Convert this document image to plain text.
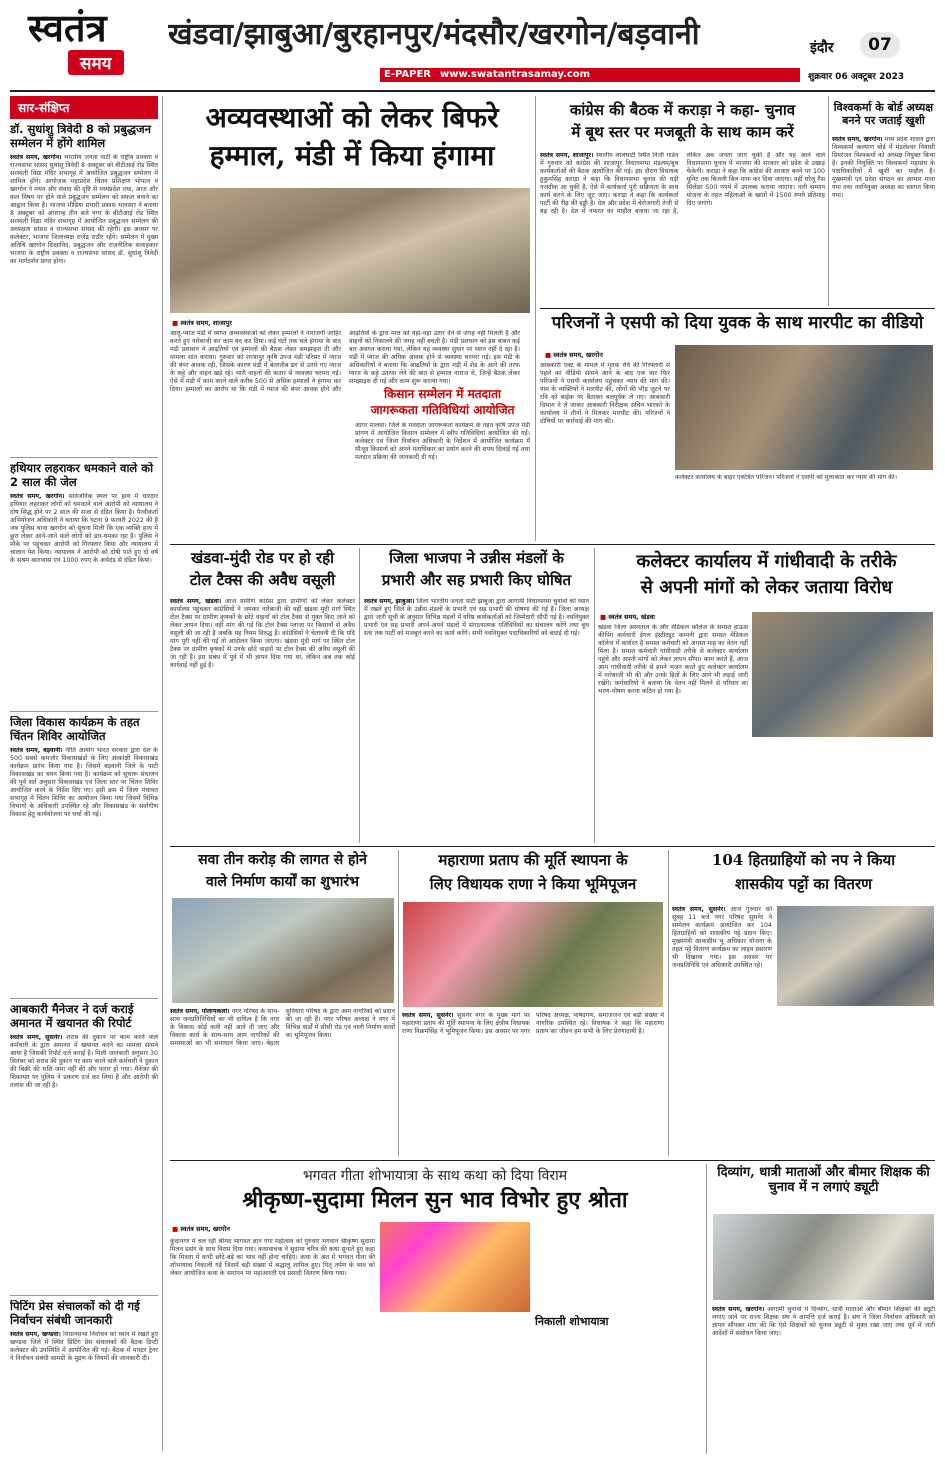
स्वतंत्र
समय
खंडवा/झाबुआ/बुरहानपुर/मंदसौर/खरगोन/बड़वानी	इंदौर	07
E-PAPER www.swatantrasamay.com	शुक्रवार 06 अक्टूबर 2023
सार-संक्षिप्त
डॉ. सुधांशु त्रिवेदी 8 को प्रबुद्धजन सम्मेलन में होंगे शामिल
स्वतंत्र समय, खरगोन। भारतीय जनता पार्टी के राष्ट्रीय प्रवक्ता व राज्यसभा सांसद सुधांशु त्रिवेदी 8 अक्टूबर को बीटीआई रोड स्थित सरस्वती विद्या मंदिर सभागृह में आयोजित प्रबुद्धजन सम्मेलन में शामिल होंगे। आयोजक महाप्रदेश चिंतन प्रशिक्षण भोपाल व खरगोन ने मंथन और संवाद की दृष्टि से मध्यप्रदेश तथा, आज और कल विषय पर होने वाले प्रबुद्धजन सम्मेलन को सफल बनाने का आह्वान किया है। भाजपा मीडिया प्रभारी प्रकाश भावसार ने बताया 8 अक्टूबर को अपरान्ह तीन बजे नगर के बीटीआई रोड स्थित सरस्वती विद्या मंदिर सभागृह में आयोजित प्रबुद्धजन सम्मेलन की अध्यक्षता सांसद व राज्यसभा सांसद की रहेगी। इस अवसर पर कलेक्टर, भाजपा जिलाध्यक्ष राजेंद्र राठौर रहेंगे। सम्मेलन में मुख्य अतिथि खरगोन शिक्षाविद, प्रबुद्धजन और राजनीतिक सलाहकार भाजपा के राष्ट्रीय प्रवक्ता व राज्यसभा सांसद डॉ. सुधांशु त्रिवेदी का मार्गदर्शन प्राप्त होगा।
हथियार लहराकर धमकाने वाले को 2 साल की जेल
स्वतंत्र समय, खरगोन। सार्वजनिक स्थल पर हाथ में धारदार हथियार लहराकर लोगों को धमकाने वाले आरोपी को न्यायालय ने दोष सिद्ध होने पर 2 साल की सजा से दंडित किया है। पैरवीकर्ता अभियोजन अधिकारी ने बताया कि घटना 9 फरवरी 2022 की है जब पुलिस थाना खरगोन को सूचना मिली कि एक व्यक्ति हाथ में छुरा लेकर आने-जाने वाले लोगों को डरा-धमका रहा है। पुलिस ने मौके पर पहुंचकर आरोपी को गिरफ्तार किया और न्यायालय में चालान पेश किया। न्यायालय ने आरोपी को दोषी पाते हुए दो वर्ष के सश्रम कारावास एवं 1000 रुपए के अर्थदंड से दंडित किया।
जिला विकास कार्यक्रम के तहत चिंतन शिविर आयोजित
स्वतंत्र समय, बड़वानी। नीति आयोग भारत सरकार द्वारा देश के 500 सबसे कमजोर विकासखंडों के लिए आकांक्षी विकासखंड कार्यक्रम प्रारंभ किया गया है। जिसमें बड़वानी जिले के पाटी विकासखंड का चयन किया गया है। कार्यक्रम को सुचारू संचालन की पूर्व शर्त अनुसार विकासखंड एवं जिला स्तर पर चिंतन शिविर आयोजित करने के निर्देश दिए गए। इसी क्रम में जिला पंचायत सभागृह में चिंतन शिविर का आयोजन किया गया जिसमें विभिन्न विभागों के अधिकारी उपस्थित रहे और विकासखंड के सर्वांगीण विकास हेतु कार्ययोजना पर चर्चा की गई।
आबकारी मैनेजर ने दर्ज कराई अमानत में खयानत की रिपोर्ट
स्वतंत्र समय, सुसनेर। शराब की दुकान पर काम करने वाले कर्मचारी के द्वारा अमानत में खयानत करने का मामला सामने आया है जिसकी रिपोर्ट दर्ज कराई है। मिली जानकारी अनुसार 30 सितंबर को शराब की दुकान पर काम करने वाले कर्मचारी ने दुकान की बिक्री की राशि जमा नहीं की और फरार हो गया। मैनेजर की शिकायत पर पुलिस ने प्रकरण दर्ज कर लिया है और आरोपी की तलाश की जा रही है।
पिटिंग प्रेस संचालकों को दी गई निर्वाचन संबंधी जानकारी
स्वतंत्र समय, खण्डवा। विधानसभा निर्वाचन को ध्यान में रखते हुए खण्डवा जिले में स्थित प्रिंटिंग प्रेस संचालकों की बैठक डिप्टी कलेक्टर की उपस्थिति में आयोजित की गई। बैठक में मास्टर ट्रेनर ने निर्वाचन संबंधी सामग्री के मुद्रण के नियमों की जानकारी दी।
अव्यवस्थाओं को लेकर बिफरे
हम्माल, मंडी में किया हंगामा
■ स्वतंत्र समय, शाजापुर
आलू-प्याज मंडी में व्याप्त अव्यवस्थाओं को लेकर हम्मालों ने नाराजगी जाहिर करते हुए नारेबाजी कर काम बंद कर दिया। कई घंटों तक चले हंगामा के बाद मंडी प्रशासन ने आढ़तियों एवं हम्मालों की बैठक लेकर समझाइश दी और मामला शांत कराया। गुरुवार को शाजापुर कृषि उपज मंडी परिसर में प्याज की बंपर आवक रही, जिसके कारण मंडी में बेतरतीब ढंग से उतारे गए प्याज के कट्टे और वाहन खड़े रहे। भारी वाहनों की कतार से व्यवस्था चरमरा गई। ऐसे में मंडी में काम करने वाले करीब 500 से अधिक हम्मालों ने हंगामा कर दिया। हम्मालों का आरोप था कि मंडी में प्याज की बंपर आवक होने और आढ़तियों के द्वारा माल को यहां-वहां उतार देने से जगह नहीं मिलती है और वाहनों को निकालने की जगह नहीं बचती है। मंडी प्रशासन को इस बाबत कई बार अवगत कराया गया, लेकिन यह व्यवस्था सुधार पर ध्यान नहीं दे रहा है। मंडी में प्याज की अधिक आवक होने से व्यवस्था चरमरा गई। इस मंडी के अधिकारियों ने बताया कि आढ़तियों के द्वारा मंडी में शेड के आगे की तरफ प्याज के कट्टे उतरवा लेने की बात से हम्माल नाराज थे, जिन्हें बैठक लेकर समझाइश दी गई और काम शुरू कराया गया।
किसान सम्मेलन में मतदाता
जागरूकता गतिविधियां आयोजित
आगर मालवा। जिले के मतदाता जागरूकता कार्यक्रम के तहत कृषि उपज मंडी प्रांगण में आयोजित किसान सम्मेलन में स्वीप गतिविधियां आयोजित की गईं। कलेक्टर एवं जिला निर्वाचन अधिकारी के निर्देशन में आयोजित कार्यक्रम में मौजूद किसानों को अपने मताधिकार का प्रयोग करने की शपथ दिलाई गई तथा मतदान प्रक्रिया की जानकारी दी गई।
कांग्रेस की बैठक में कराड़ा ने कहा- चुनाव
में बूथ स्तर पर मजबूती के साथ काम करें
स्वतंत्र समय, शाजापुर। स्थानीय लालघाटी स्थित निजी गार्डन में गुरुवार को कांग्रेस की शाजापुर विधानसभा मंडलम/बूथ कार्यकर्ताओं की बैठक आयोजित की गई। इस दौरान विधायक हुकुमसिंह कराड़ा ने कहा कि विधानसभा चुनाव की घड़ी नजदीक आ चुकी है, ऐसे में कार्यकर्ता पूरी सक्रियता के साथ कार्य करने के लिए जुट जाएं। कराड़ा ने कहा कि कार्यकर्ता पार्टी की रीढ़ की हड्डी है। देश और प्रदेश में बेरोजगारी तेजी से बढ़ रही है। देश में नफरत का माहौल बनाया जा रहा है, लेकिन अब जनता जाग चुकी है और यह आने वाले विधानसभा चुनाव में भाजपा की सरकार को प्रदेश से उखाड़ फेंकेगी। कराड़ा ने कहा कि कांग्रेस की सरकार बनने पर 100 यूनिट तक बिजली बिल माफ कर दिया जाएगा। वहीं घरेलू गैस सिलेंडर 500 रुपये में उपलब्ध कराया जाएगा। नारी सम्मान योजना के तहत महिलाओं के खातों में 1500 रुपये प्रतिमाह दिए जाएंगे।
विश्वकर्मा के बोर्ड अध्यक्ष बनने पर जताई खुशी
स्वतंत्र समय, खरगोन। मध्य प्रदेश शासन द्वारा विश्वकर्मा कल्याण बोर्ड में मंडलेश्वर निवासी प्रियरंजन विश्वकर्मा को अध्यक्ष नियुक्त किया है। इनकी नियुक्ति पर विश्वकर्मा महासंघ के पदाधिकारियों में खुशी का माहौल है। मुख्यमंत्री एवं प्रदेश संगठन का आभार माना गया तथा नवनियुक्त अध्यक्ष का स्वागत किया गया।
परिजनों ने एसपी को दिया युवक के साथ मारपीट का वीडियो
■ स्वतंत्र समय, खरगोन
आबकारी एक्ट के मामले में मृतक रवि की गिरफ्तारी से पहले का वीडियो सामने आने के बाद एक बार फिर परिजनों ने एसपी कार्यालय पहुंचकर न्याय की मांग की। नाम के व्यक्तियों ने मारपीट की, लोगों की भीड़ जुटने पर रवि को बाईक पर बैठाकर बलपूर्वक ले गए। आबकारी विभाग ने ले जाकर आबकारी निरीक्षक सचिन भारकरे के कार्यालय में तीनों ने मिलकर मारपीट की। परिजनों ने दोषियों पर कार्रवाई की मांग की।
कलेक्टर कार्यालय के बाहर एकत्रित परिजन। परिजनों ने एसपी को मुलाकात कर न्याय की मांग की।
खंडवा-मुंदी रोड पर हो रही
टोल टैक्स की अवैध वसूली
स्वतंत्र समय, खंडवा। आज ग्रामीण कांग्रेस द्वारा ग्रामीणों को लेकर कलेक्टर कार्यालय पहुंचकर कांग्रेसियों ने जमकर नारेबाजी की वहीं खंडवा मुंदी मार्ग स्थित टोल टैक्स पर ग्रामीण कृषकों के छोटे वाहनों को टोल टैक्स से मुक्त किए जाने को लेकर ज्ञापन दिया। वहीं मांग की गई कि टोल टैक्स प्लाजा पर किसानों से अवैध वसूली की जा रही है जबकि यह नियम विरुद्ध है। कांग्रेसियों ने चेतावनी दी कि यदि मांग पूरी नहीं की गई तो आंदोलन किया जाएगा। खंडवा मुंदी मार्ग पर स्थित टोल टैक्स पर ग्रामीण कृषकों से उनके छोटे वाहनों पर टोल टैक्स की अवैध वसूली की जा रही है। इस संबंध में पूर्व में भी ज्ञापन दिया गया था, लेकिन अब तक कोई कार्रवाई नहीं हुई है।
जिला भाजपा ने उन्नीस मंडलों के
प्रभारी और सह प्रभारी किए घोषित
स्वतंत्र समय, झाबुआ। जिला भारतीय जनता पार्टी झाबुआ द्वारा आगामी विधानसभा चुनावों को ध्यान में रखते हुए जिले के उन्नीस मंडलों के प्रभारी एवं सह प्रभारी की घोषणा की गई है। जिला अध्यक्ष द्वारा जारी सूची के अनुसार विभिन्न मंडलों में वरिष्ठ कार्यकर्ताओं को जिम्मेदारी सौंपी गई है। नवनियुक्त प्रभारी एवं सह प्रभारी अपने-अपने मंडलों में संगठनात्मक गतिविधियों का संचालन करेंगे तथा बूथ स्तर तक पार्टी को मजबूत करने का कार्य करेंगे। सभी नवनियुक्त पदाधिकारियों को बधाई दी गई।
कलेक्टर कार्यालय में गांधीवादी के तरीके
से अपनी मांगों को लेकर जताया विरोध
■ स्वतंत्र समय, खंडवा
खंडवा जिला अस्पताल के और मेडिकल कॉलेज के समस्त हाऊस कीपिंग कर्मचारी ईगल इंस्टीट्यूट कम्पनी द्वारा समस्त मेडिकल कॉलेज में कार्यरत है समस्त कर्मचारी को अगस्त माह का वेतन नहीं मिला है। समस्त कर्मचारी गांधीवादी तरीके से कलेक्टर कार्यालय पहुंचे और अपनी मांगों को लेकर ज्ञापन सौंपा। काम करते हैं, आज आम गांधीवादी तरीके से हमने भजन करते हुए कलेक्टर कार्यालय में नारेबाजी भी की और उनके हितों के लिए आगे भी लड़ाई जारी रखेंगे। कर्मचारियों ने बताया कि वेतन नहीं मिलने से परिवार का भरण-पोषण करना कठिन हो गया है।
सवा तीन करोड़ की लागत से होने
वाले निर्माण कार्यों का शुभारंभ
स्वतंत्र समय, पोलायकलां। नगर परिषद के साथ-साथ जनप्रतिनिधियों का भी दायित्व है कि नगर के विकास कोई कमी नहीं आने दी जाए और विकास कार्य के साथ-साथ आम नागरिकों की समस्याओं का भी समाधान किया जाए। बेहतर सुविधाएं परिषद के द्वारा आम नागरिकों को प्रदान की जा रही हैं। नगर परिषद अध्यक्ष ने नगर में विभिन्न वार्डों में सीसी रोड एवं नाली निर्माण कार्यों का भूमिपूजन किया।
महाराणा प्रताप की मूर्ति स्थापना के
लिए विधायक राणा ने किया भूमिपूजन
स्वतंत्र समय, सुसनेर। सुसनेर नगर के मुख्य मार्ग पर महाराणा प्रताप की मूर्ति स्थापना के लिए क्षेत्रीय विधायक राणा विक्रमसिंह ने भूमिपूजन किया। इस अवसर पर नगर परिषद अध्यक्ष, पार्षदगण, समाजजन एवं बड़ी संख्या में नागरिक उपस्थित रहे। विधायक ने कहा कि महाराणा प्रताप का जीवन हम सभी के लिए प्रेरणादायी है।
104 हितग्राहियों को नप ने किया
शासकीय पट्टों का वितरण
स्वतंत्र समय, सुसनेर। आज गुरुवार को सुबह 11 बजे नगर परिषद सुसनेर ने सम्मेलन कार्यक्रम आयोजित कर 104 हितग्राहियों को शासकीय पट्टे प्रदान किए। मुख्यमंत्री आवासीय भू अधिकार योजना के तहत पट्टे वितरण कार्यक्रम का लाइव प्रसारण भी दिखाया गया। इस अवसर पर जनप्रतिनिधि एवं अधिकारी उपस्थित रहे।
भगवत गीता शोभायात्रा के साथ कथा को दिया विराम
श्रीकृष्ण-सुदामा मिलन सुन भाव विभोर हुए श्रोता
■ स्वतंत्र समय, खरगोन
कुंदानगर में चल रही श्रीमद भागवत ज्ञान गंगा महोत्सव को गुरुवार भगवान श्रीकृष्ण सुदामा मिलन प्रसंग के साथ विराम दिया गया। कथावाचक ने सुदामा चरित्र की कथा सुनाते हुए कहा कि मित्रता में कभी छोटे-बड़े का भाव नहीं होना चाहिए। कथा के अंत में भगवत गीता की शोभायात्रा निकाली गई जिसमें बड़ी संख्या में श्रद्धालु शामिल हुए। पितृ तर्पण के भाव को लेकर आयोजित कथा के समापन पर महाआरती एवं प्रसादी वितरण किया गया।
निकाली शोभायात्रा
दिव्यांग, धात्री माताओं और बीमार शिक्षक की चुनाव में न लगाएं ड्यूटी
स्वतंत्र समय, खरगोन। आगामी चुनावों में दिव्यांग, धात्री माताओं और बीमार शिक्षकों की ड्यूटी लगाए जाने पर राज्य शिक्षक संघ ने आपत्ति दर्ज कराई है। संघ ने जिला निर्वाचन अधिकारी को ज्ञापन सौंपकर मांग की कि ऐसे शिक्षकों को चुनाव ड्यूटी से मुक्त रखा जाए तथा पूर्व में जारी आदेशों में संशोधन किया जाए।
